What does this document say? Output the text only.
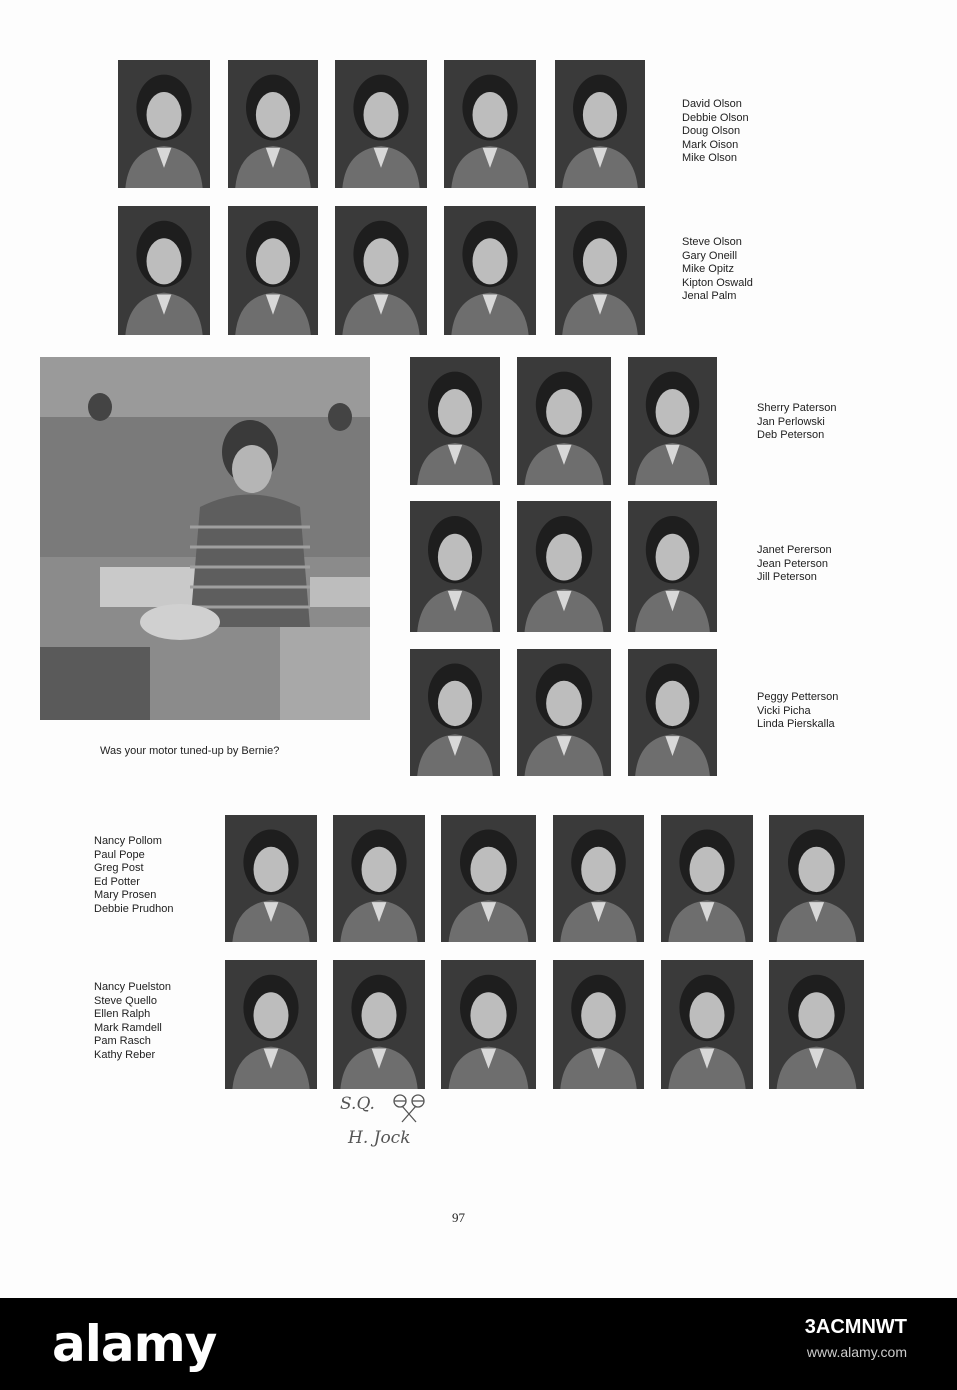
David Olson
Debbie Olson
Doug Olson
Mark Oison
Mike Olson
Steve Olson
Gary Oneill
Mike Opitz
Kipton Oswald
Jenal Palm
Was your motor tuned-up by Bernie?
Sherry Paterson
Jan Perlowski
Deb Peterson
Janet Pererson
Jean Peterson
Jill Peterson
Peggy Petterson
Vicki Picha
Linda Pierskalla
Nancy Pollom
Paul Pope
Greg Post
Ed Potter
Mary Prosen
Debbie Prudhon
Nancy Puelston
Steve Quello
Ellen Ralph
Mark Ramdell
Pam Rasch
Kathy Reber
S.Q.
H. Jock
97
alamy	3ACMNWT
www.alamy.com
